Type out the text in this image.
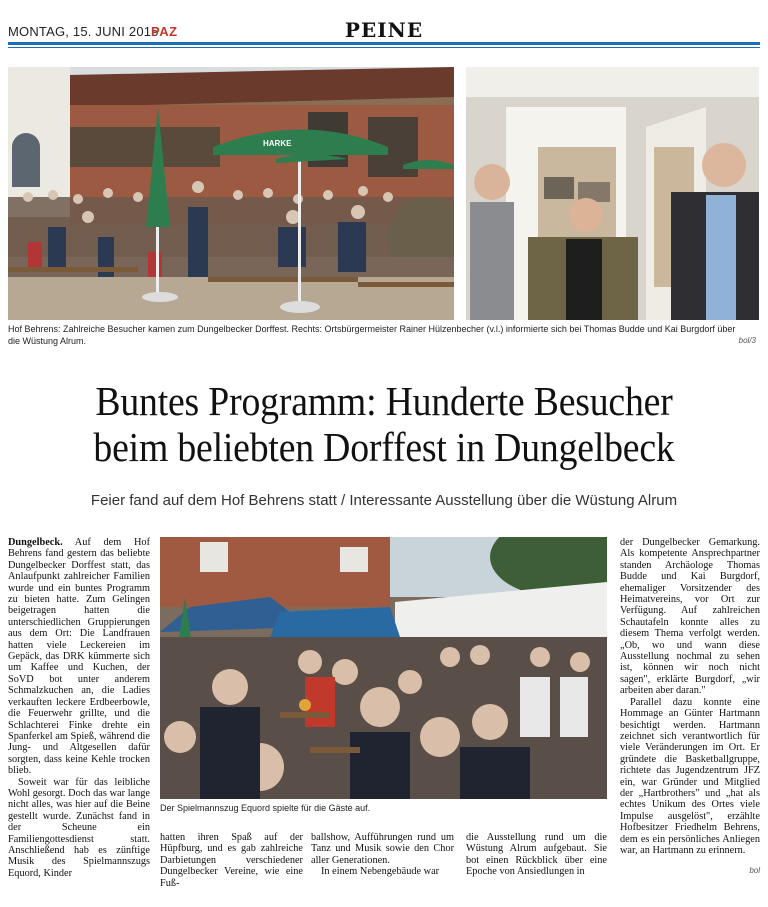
MONTAG, 15. JUNI 2015
PAZ	PEINE
HARKE
Hof Behrens: Zahlreiche Besucher kamen zum Dungelbecker Dorffest. Rechts: Ortsbürgermeister Rainer Hülzenbecher (v.l.) informierte sich bei Thomas Budde und Kai Burgdorf über die Wüstung Alrum.	bol/3
Buntes Programm: Hunderte Besucher
beim beliebten Dorffest in Dungelbeck
Feier fand auf dem Hof Behrens statt / Interessante Ausstellung über die Wüstung Alrum

Dungelbeck. Auf dem Hof Behrens fand gestern das beliebte Dungelbecker Dorffest statt, das Anlaufpunkt zahlreicher Familien wurde und ein buntes Programm zu bieten hatte. Zum Gelingen beigetragen hatten die unterschiedlichen Gruppierungen aus dem Ort: Die Landfrauen hatten viele Leckereien im Gepäck, das DRK kümmerte sich um Kaffee und Kuchen, der SoVD bot unter anderem Schmalzkuchen an, die Ladies verkauften leckere Erdbeerbowle, die Feuerwehr grillte, und die Schlachterei Finke drehte ein Spanferkel am Spieß, während die Jung- und Altgesellen dafür sorgten, dass keine Kehle trocken blieb.

Soweit war für das leibliche Wohl gesorgt. Doch das war lange nicht alles, was hier auf die Beine gestellt wurde. Zunächst fand in der Scheune ein Familiengottesdienst statt. Anschließend hab es zünftige Musik des Spielmannszugs Equord, Kinder

Der Spielmannszug Equord spielte für die Gäste auf.

hatten ihren Spaß auf der Hüpfburg, und es gab zahlreiche Darbietungen verschiedener Dungelbecker Vereine, wie eine Fuß-

ballshow, Aufführungen rund um Tanz und Musik sowie den Chor aller Generationen.

In einem Nebengebäude war

die Ausstellung rund um die Wüstung Alrum aufgebaut. Sie bot einen Rückblick über eine Epoche von Ansiedlungen in

der Dungelbecker Gemarkung. Als kompetente Ansprechpartner standen Archäologe Thomas Budde und Kai Burgdorf, ehemaliger Vorsitzender des Heimatvereins, vor Ort zur Verfügung. Auf zahlreichen Schautafeln konnte alles zu diesem Thema verfolgt werden. „Ob, wo und wann diese Ausstellung nochmal zu sehen ist, können wir noch nicht sagen", erklärte Burgdorf, „wir arbeiten aber daran."

Parallel dazu konnte eine Hommage an Günter Hartmann besichtigt werden. Hartmann zeichnet sich verantwortlich für viele Veränderungen im Ort. Er gründete die Basketballgruppe, richtete das Jugendzentrum JFZ ein, war Gründer und Mitglied der „Hartbrothers" und „hat als echtes Unikum des Ortes viele Impulse ausgelöst", erzählte Hofbesitzer Friedhelm Behrens, dem es ein persönliches Anliegen war, an Hartmann zu erinnern.

bol
